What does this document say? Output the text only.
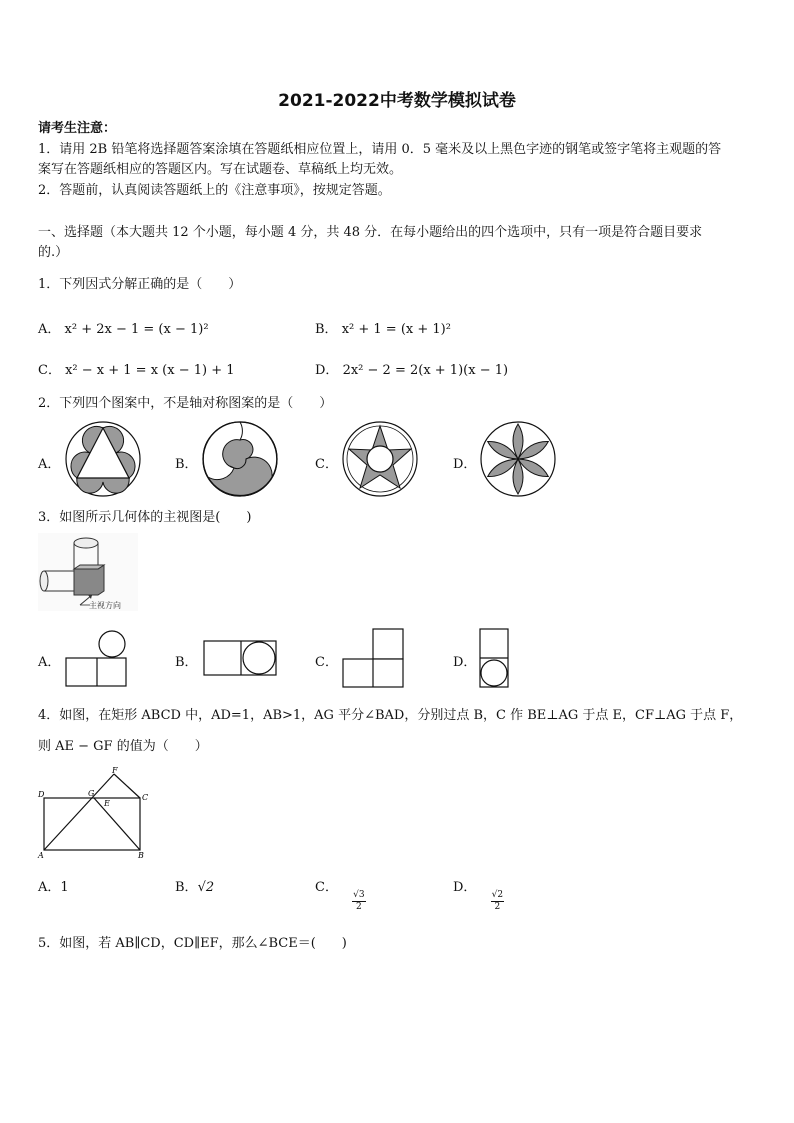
2021-2022中考数学模拟试卷
请考生注意：
1．请用 2B 铅笔将选择题答案涂填在答题纸相应位置上，请用 0．5 毫米及以上黑色字迹的钢笔或签字笔将主观题的答
案写在答题纸相应的答题区内。写在试题卷、草稿纸上均无效。
2．答题前，认真阅读答题纸上的《注意事项》，按规定答题。
一、选择题（本大题共 12 个小题，每小题 4 分，共 48 分．在每小题给出的四个选项中，只有一项是符合题目要求
的.）
1．下列因式分解正确的是（　　）
A． x² + 2x − 1 = (x − 1)²	B． x² + 1 = (x + 1)²
C． x² − x + 1 = x (x − 1) + 1	D． 2x² − 2 = 2(x + 1)(x − 1)
2．下列四个图案中，不是轴对称图案的是（　　）
A．	B．	C．	D．
3．如图所示几何体的主视图是(　　)
主视方向
A．	B．	C．	D．
4．如图，在矩形 ABCD 中，AD=1，AB>1，AG 平分∠BAD，分别过点 B，C 作 BE⊥AG 于点 E，CF⊥AG 于点 F，
则 AE − GF 的值为（　　）
D	C
A	B
F
G
E
A．1	B．√2	C．
$\frac{√3}{2}$
D．
$\frac{√2}{2}$
5．如图，若 AB∥CD，CD∥EF，那么∠BCE＝(　　)
